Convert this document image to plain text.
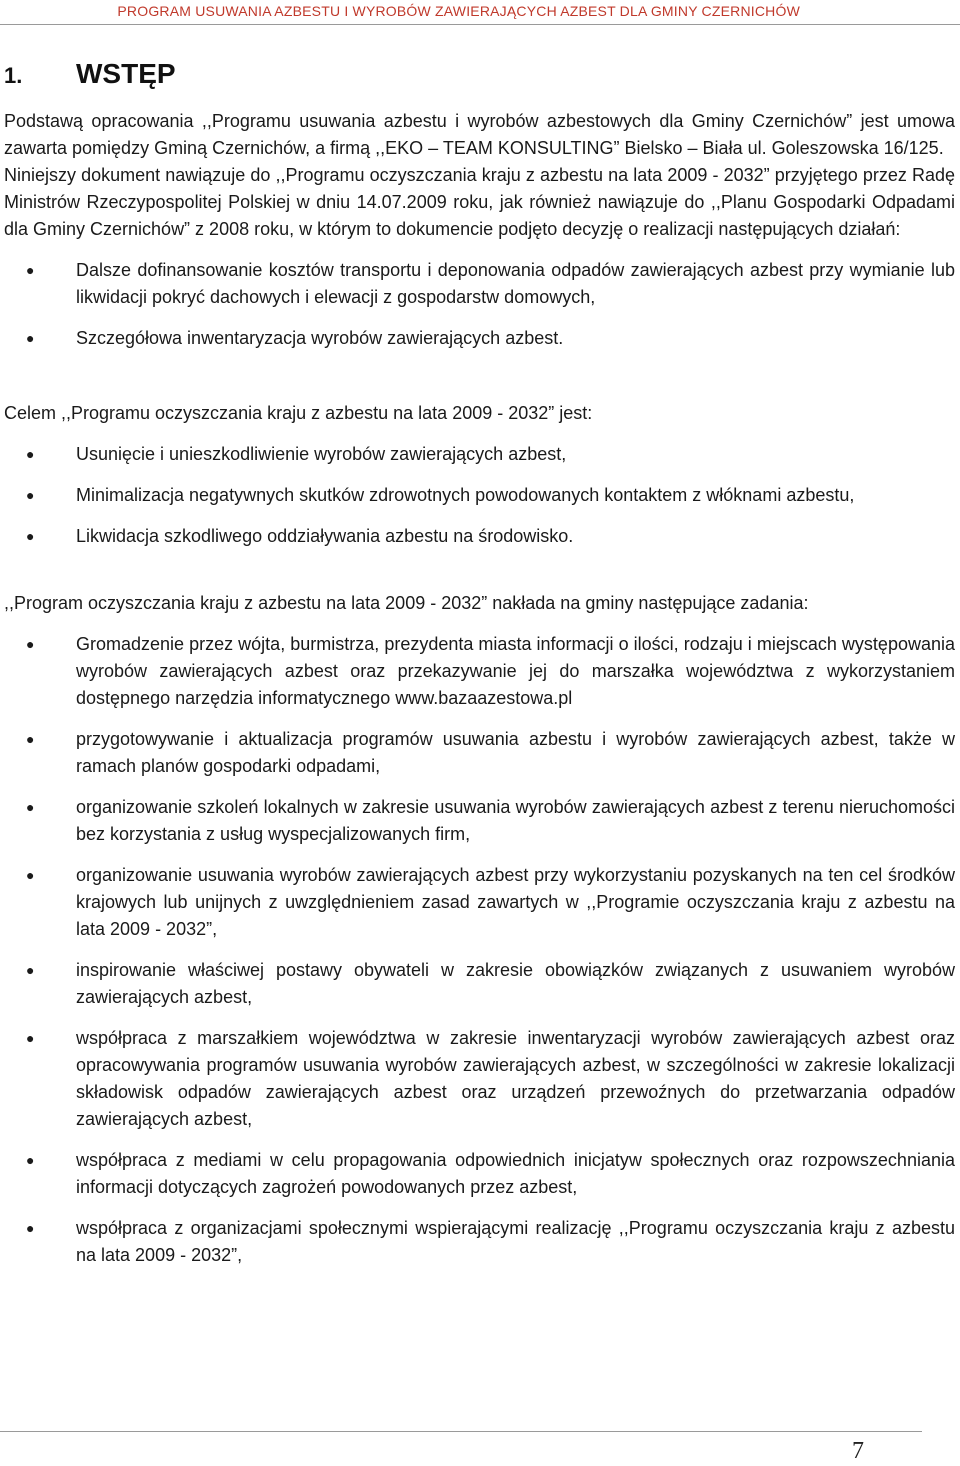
PROGRAM USUWANIA AZBESTU I WYROBÓW ZAWIERAJĄCYCH AZBEST DLA GMINY CZERNICHÓW
1. WSTĘP

Podstawą opracowania ,,Programu usuwania azbestu i wyrobów azbestowych dla Gminy Czernichów” jest umowa zawarta pomiędzy Gminą Czernichów, a firmą ,,EKO – TEAM KONSULTING” Bielsko – Biała ul. Goleszowska 16/125.

Niniejszy dokument nawiązuje do ,,Programu oczyszczania kraju z azbestu na lata 2009 - 2032” przyjętego przez Radę Ministrów Rzeczypospolitej Polskiej w dniu 14.07.2009 roku, jak również nawiązuje do ,,Planu Gospodarki Odpadami dla Gminy Czernichów” z 2008 roku, w którym to dokumencie podjęto decyzję o realizacji następujących działań:

● Dalsze dofinansowanie kosztów transportu i deponowania odpadów zawierających azbest przy wymianie lub likwidacji pokryć dachowych i elewacji z gospodarstw domowych,
● Szczegółowa inwentaryzacja wyrobów zawierających azbest.

Celem ,,Programu oczyszczania kraju z azbestu na lata 2009 - 2032” jest:

● Usunięcie i unieszkodliwienie wyrobów zawierających azbest,
● Minimalizacja negatywnych skutków zdrowotnych powodowanych kontaktem z włóknami azbestu,
● Likwidacja szkodliwego oddziaływania azbestu na środowisko.

,,Program oczyszczania kraju z azbestu na lata 2009 - 2032” nakłada na gminy następujące zadania:

● Gromadzenie przez wójta, burmistrza, prezydenta miasta informacji o ilości, rodzaju i miejscach występowania wyrobów zawierających azbest oraz przekazywanie jej do marszałka województwa z wykorzystaniem dostępnego narzędzia informatycznego www.bazaazestowa.pl
● przygotowywanie i aktualizacja programów usuwania azbestu i wyrobów zawierających azbest, także w ramach planów gospodarki odpadami,
● organizowanie szkoleń lokalnych w zakresie usuwania wyrobów zawierających azbest z terenu nieruchomości bez korzystania z usług wyspecjalizowanych firm,
● organizowanie usuwania wyrobów zawierających azbest przy wykorzystaniu pozyskanych na ten cel środków krajowych lub unijnych z uwzględnieniem zasad zawartych w ,,Programie oczyszczania kraju z azbestu na lata 2009 - 2032”,
● inspirowanie właściwej postawy obywateli w zakresie obowiązków związanych z usuwaniem wyrobów zawierających azbest,
● współpraca z marszałkiem województwa w zakresie inwentaryzacji wyrobów zawierających azbest oraz opracowywania programów usuwania wyrobów zawierających azbest, w szczególności w zakresie lokalizacji składowisk odpadów zawierających azbest oraz urządzeń przewoźnych do przetwarzania odpadów zawierających azbest,
● współpraca z mediami w celu propagowania odpowiednich inicjatyw społecznych oraz rozpowszechniania informacji dotyczących zagrożeń powodowanych przez azbest,
● współpraca z organizacjami społecznymi wspierającymi realizację ,,Programu oczyszczania kraju z azbestu na lata 2009 - 2032”,
7
